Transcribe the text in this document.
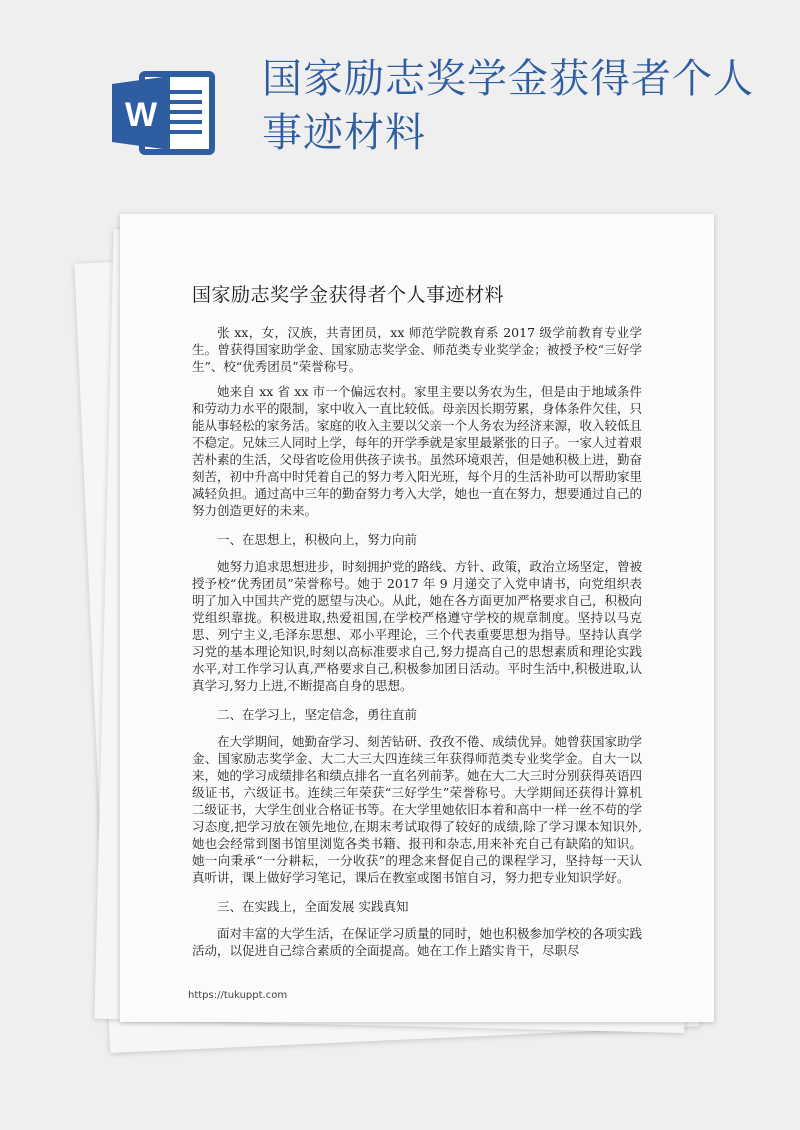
W
国家励志奖学金获得者个人事迹材料
国家励志奖学金获得者个人事迹材料

张 xx，女，汉族，共青团员，xx 师范学院教育系 2017 级学前教育专业学生。曾获得国家助学金、国家励志奖学金、师范类专业奖学金；被授予校“三好学生”、校“优秀团员”荣誉称号。

她来自 xx 省 xx 市一个偏远农村。家里主要以务农为生，但是由于地域条件和劳动力水平的限制，家中收入一直比较低。母亲因长期劳累，身体条件欠佳，只能从事轻松的家务活。家庭的收入主要以父亲一个人务农为经济来源，收入较低且不稳定。兄妹三人同时上学，每年的开学季就是家里最紧张的日子。一家人过着艰苦朴素的生活，父母省吃俭用供孩子读书。虽然环境艰苦，但是她积极上进，勤奋刻苦，初中升高中时凭着自己的努力考入阳光班，每个月的生活补助可以帮助家里减轻负担。通过高中三年的勤奋努力考入大学，她也一直在努力，想要通过自己的努力创造更好的未来。

一、在思想上，积极向上，努力向前

她努力追求思想进步，时刻拥护党的路线、方针、政策，政治立场坚定，曾被授予校“优秀团员”荣誉称号。她于 2017 年 9 月递交了入党申请书，向党组织表明了加入中国共产党的愿望与决心。从此，她在各方面更加严格要求自己，积极向党组织靠拢。积极进取,热爱祖国,在学校严格遵守学校的规章制度。坚持以马克思、列宁主义,毛泽东思想、邓小平理论，三个代表重要思想为指导。坚持认真学习党的基本理论知识,时刻以高标准要求自己,努力提高自己的思想素质和理论实践水平,对工作学习认真,严格要求自己,积极参加团日活动。平时生活中,积极进取,认真学习,努力上进,不断提高自身的思想。

二、在学习上，坚定信念，勇往直前

在大学期间，她勤奋学习、刻苦钻研、孜孜不倦、成绩优异。她曾获国家助学金、国家励志奖学金、大二大三大四连续三年获得师范类专业奖学金。自大一以来，她的学习成绩排名和绩点排名一直名列前茅。她在大二大三时分别获得英语四级证书，六级证书。连续三年荣获“三好学生”荣誉称号。大学期间还获得计算机二级证书，大学生创业合格证书等。在大学里她依旧本着和高中一样一丝不苟的学习态度,把学习放在领先地位,在期末考试取得了较好的成绩,除了学习课本知识外,她也会经常到图书馆里浏览各类书籍、报刊和杂志,用来补充自己有缺陷的知识。她一向秉承“一分耕耘，一分收获”的理念来督促自己的课程学习，坚持每一天认真听讲，课上做好学习笔记，课后在教室或图书馆自习，努力把专业知识学好。

三、在实践上，全面发展 实践真知

面对丰富的大学生活，在保证学习质量的同时，她也积极参加学校的各项实践活动，以促进自己综合素质的全面提高。她在工作上踏实肯干，尽职尽

https://tukuppt.com
